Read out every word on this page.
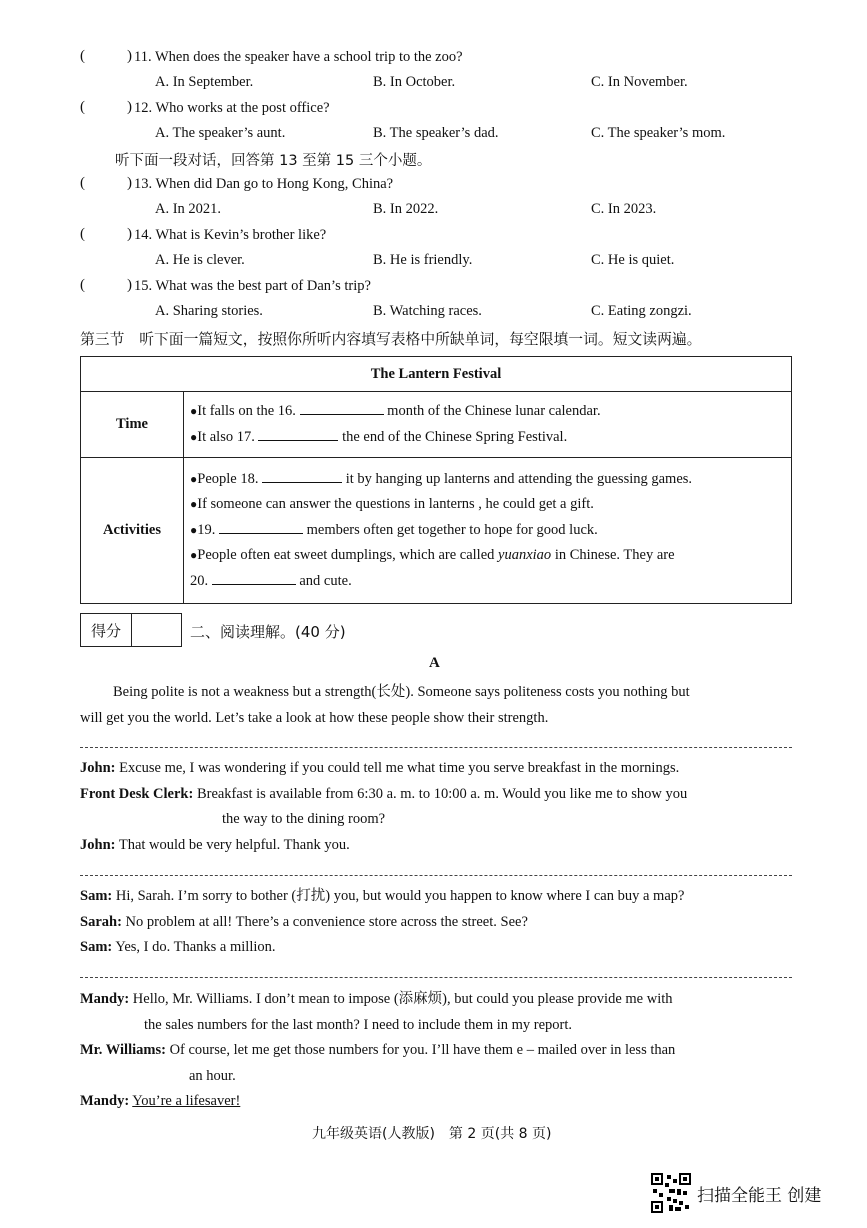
(	) 11. When does the speaker have a school trip to the zoo?
A. In September.	B. In October.	C. In November.
(	) 12. Who works at the post office?
A. The speaker’s aunt.	B. The speaker’s dad.	C. The speaker’s mom.
听下面一段对话，回答第 13 至第 15 三个小题。
(	) 13. When did Dan go to Hong Kong, China?
A. In 2021.	B. In 2022.	C. In 2023.
(	) 14. What is Kevin’s brother like?
A. He is clever.	B. He is friendly.	C. He is quiet.
(	) 15. What was the best part of Dan’s trip?
A. Sharing stories.	B. Watching races.	C. Eating zongzi.
第三节　听下面一篇短文，按照你所听内容填写表格中所缺单词，每空限填一词。短文读两遍。
The Lantern Festival	
Time	●It falls on the 16. month of the Chinese lunar calendar.
●It also 17. the end of the Chinese Spring Festival.

Activities	●People 18. it by hanging up lanterns and attending the guessing games.
●If someone can answer the questions in lanterns , he could get a gift.
●19. members often get together to hope for good luck.
●People often eat sweet dumplings, which are called yuanxiao in Chinese. They are
20. and cute.
得分	二、阅读理解。(40 分)
A
Being polite is not a weakness but a strength(长处). Someone says politeness costs you nothing but
will get you the world. Let’s take a look at how these people show their strength.
John: Excuse me, I was wondering if you could tell me what time you serve breakfast in the mornings.
Front Desk Clerk: Breakfast is available from 6:30 a. m. to 10:00 a. m. Would you like me to show you
the way to the dining room?
John: That would be very helpful. Thank you.
Sam: Hi, Sarah. I’m sorry to bother (打扰) you, but would you happen to know where I can buy a map?
Sarah: No problem at all! There’s a convenience store across the street. See?
Sam: Yes, I do. Thanks a million.
Mandy: Hello, Mr. Williams. I don’t mean to impose (添麻烦), but could you please provide me with
the sales numbers for the last month? I need to include them in my report.
Mr. Williams: Of course, let me get those numbers for you. I’ll have them e – mailed over in less than
an hour.
Mandy: You’re a lifesaver!
九年级英语(人教版)　第 2 页(共 8 页)
扫描全能王 创建
